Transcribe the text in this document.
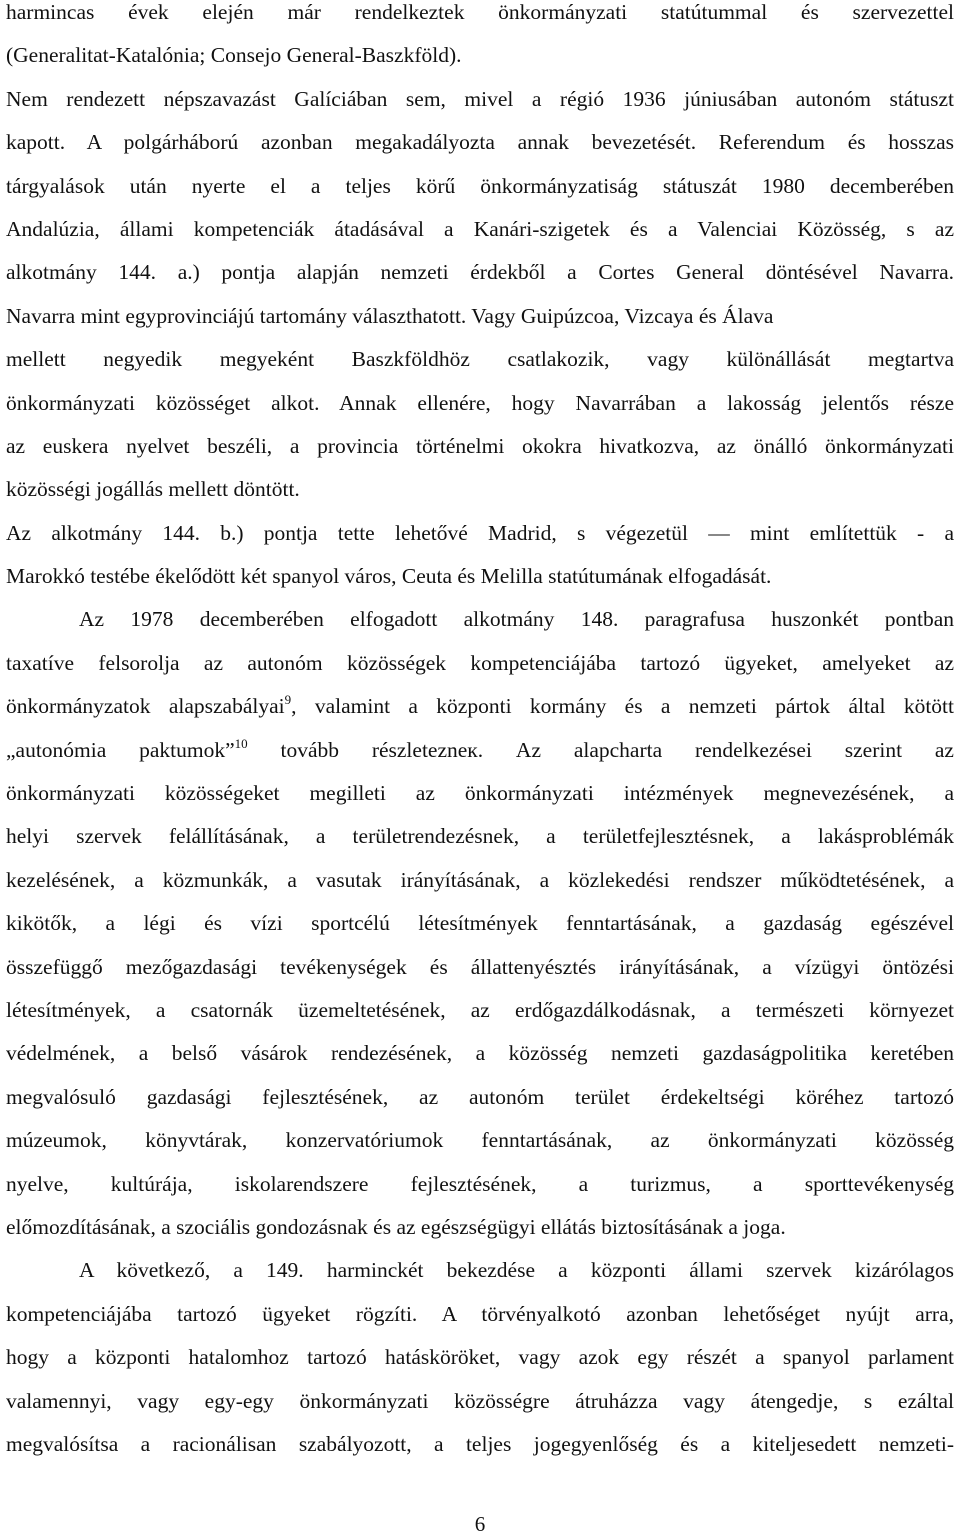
harmincas évek elején már rendelkeztek önkormányzati statútummal és szervezettel
(Generalitat-Katalónia; Consejo General-Baszkföld).
Nem rendezett népszavazást Galíciában sem, mivel a régió 1936 júniusában autonóm státuszt
kapott. A polgárháború azonban megakadályozta annak bevezetését. Referendum és hosszas
tárgyalások után nyerte el a teljes körű önkormányzatiság státuszát 1980 decemberében
Andalúzia, állami kompetenciák átadásával a Kanári-szigetek és a Valenciai Közösség, s az
alkotmány 144. a.) pontja alapján nemzeti érdekből a Cortes General döntésével Navarra.
Navarra mint egyprovinciájú tartomány választhatott. Vagy Guipúzcoa, Vizcaya és Álava
mellett negyedik megyeként Baszkföldhöz csatlakozik, vagy különállását megtartva
önkormányzati közösséget alkot. Annak ellenére, hogy Navarrában a lakosság jelentős része
az euskera nyelvet beszéli, a provincia történelmi okokra hivatkozva, az önálló önkormányzati
közösségi jogállás mellett döntött.
Az alkotmány 144. b.) pontja tette lehetővé Madrid, s végezetül — mint említettük - a
Marokkó testébe ékelődött két spanyol város, Ceuta és Melilla statútumának elfogadását.
Az 1978 decemberében elfogadott alkotmány 148. paragrafusa huszonkét pontban
taxatíve felsorolja az autonóm közösségek kompetenciájába tartozó ügyeket, amelyeket az
önkormányzatok alapszabályai$^9$, valamint a központi kormány és a nemzeti pártok által kötött
„autonómia paktumok”$^{10}$ tovább részletezneк. Az alapcharta rendelkezései szerint az
önkormányzati közösségeket megilleti az önkormányzati intézmények megnevezésének, a
helyi szervek felállításának, a területrendezésnek, a területfejlesztésnek, a lakásproblémák
kezelésének, a közmunkák, a vasutak irányításának, a közlekedési rendszer működtetésének, a
kikötők, a légi és vízi sportcélú létesítmények fenntartásának, a gazdaság egészével
összefüggő mezőgazdasági tevékenységek és állattenyésztés irányításának, a vízügyi öntözési
létesítmények, a csatornák üzemeltetésének, az erdőgazdálkodásnak, a természeti környezet
védelmének, a belső vásárok rendezésének, a közösség nemzeti gazdaságpolitika keretében
megvalósuló gazdasági fejlesztésének, az autonóm terület érdekeltségi köréhez tartozó
múzeumok, könyvtárak, konzervatóriumok fenntartásának, az önkormányzati közösség
nyelve, kultúrája, iskolarendszere fejlesztésének, a turizmus, a sporttevékenység
előmozdításának, a szociális gondozásnak és az egészségügyi ellátás biztosításának a joga.
A következő, a 149. harminckét bekezdése a központi állami szervek kizárólagos
kompetenciájába tartozó ügyeket rögzíti. A törvényalkotó azonban lehetőséget nyújt arra,
hogy a központi hatalomhoz tartozó hatásköröket, vagy azok egy részét a spanyol parlament
valamennyi, vagy egy-egy önkormányzati közösségre átruházza vagy átengedje, s ezáltal
megvalósítsa a racionálisan szabályozott, a teljes jogegyenlőség és a kiteljesedett nemzeti-
6
